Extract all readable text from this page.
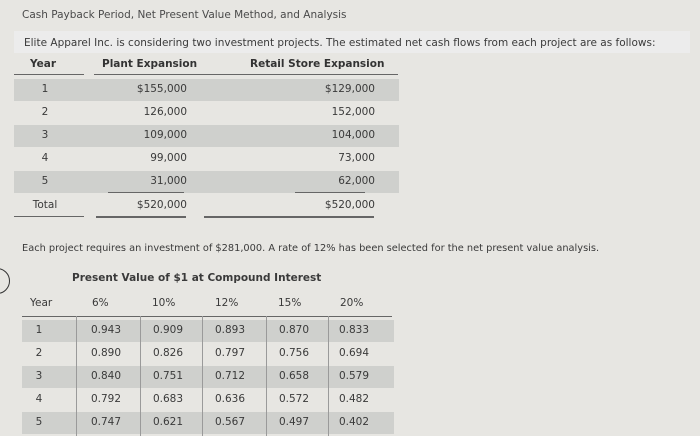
Cash Payback Period, Net Present Value Method, and Analysis
Elite Apparel Inc. is considering two investment projects. The estimated net cash flows from each project are as follows:
Year	Plant Expansion	Retail Store Expansion
1	$155,000	$129,000
2	126,000	152,000
3	109,000	104,000
4	99,000	73,000
5	31,000	62,000
Total	$520,000	$520,000
Each project requires an investment of $281,000. A rate of 12% has been selected for the net present value analysis.
Present Value of $1 at Compound Interest
Year	6%	10%	12%	15%	20%
1	0.943	0.909	0.893	0.870	0.833
2	0.890	0.826	0.797	0.756	0.694
3	0.840	0.751	0.712	0.658	0.579
4	0.792	0.683	0.636	0.572	0.482
5	0.747	0.621	0.567	0.497	0.402
